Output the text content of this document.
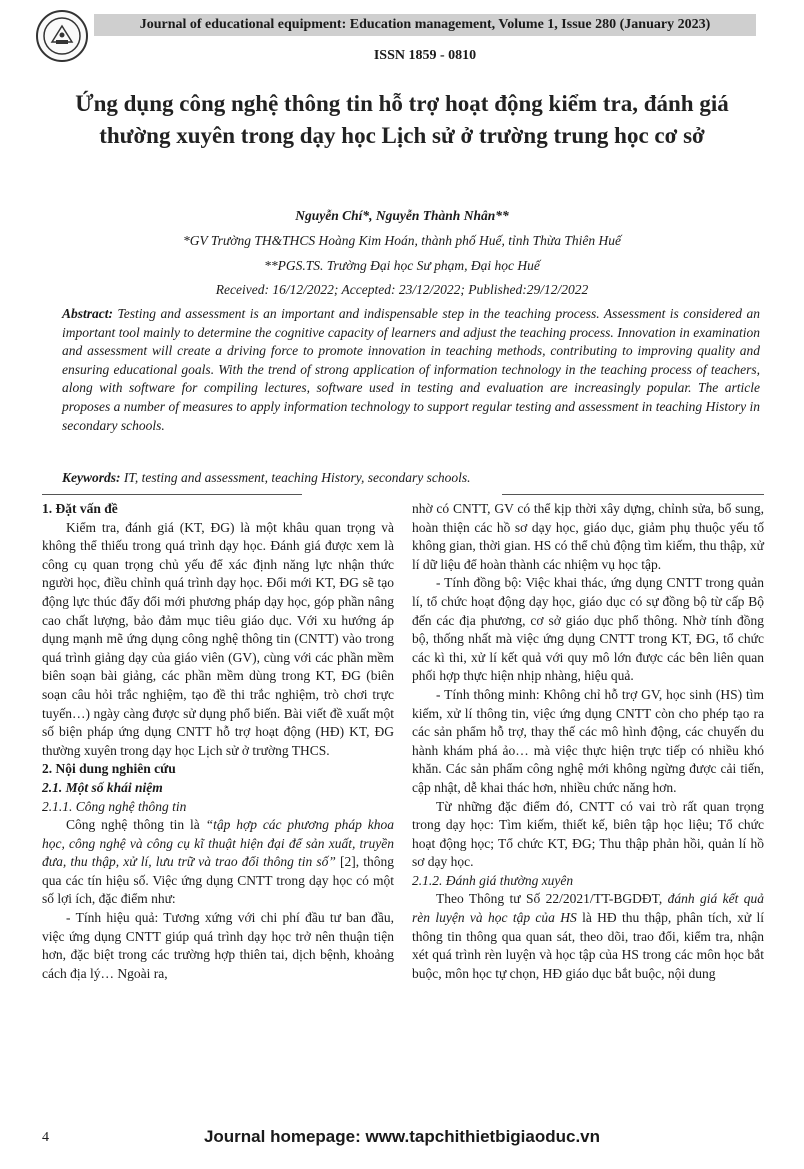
Journal of educational equipment: Education management, Volume 1, Issue 280 (January 2023)
ISSN 1859 - 0810
Ứng dụng công nghệ thông tin hỗ trợ hoạt động kiểm tra, đánh giá thường xuyên trong dạy học Lịch sử ở trường trung học cơ sở
Nguyễn Chí*, Nguyễn Thành Nhân**
*GV Trường TH&THCS Hoàng Kim Hoán, thành phố Huế, tỉnh Thừa Thiên Huế
**PGS.TS. Trường Đại học Sư phạm, Đại học Huế
Received: 16/12/2022; Accepted: 23/12/2022; Published:29/12/2022
Abstract: Testing and assessment is an important and indispensable step in the teaching process. Assessment is considered an important tool mainly to determine the cognitive capacity of learners and adjust the teaching process. Innovation in examination and assessment will create a driving force to promote innovation in teaching methods, contributing to improving quality and ensuring educational goals. With the trend of strong application of information technology in the teaching process of teachers, along with software for compiling lectures, software used in testing and evaluation are increasingly popular. The article proposes a number of measures to apply information technology to support regular testing and assessment in teaching History in secondary schools.
Keywords: IT, testing and assessment, teaching History, secondary schools.

1. Đặt vấn đề

Kiểm tra, đánh giá (KT, ĐG) là một khâu quan trọng và không thể thiếu trong quá trình dạy học. Đánh giá được xem là công cụ quan trọng chủ yếu để xác định năng lực nhận thức người học, điều chỉnh quá trình dạy học. Đổi mới KT, ĐG sẽ tạo động lực thúc đẩy đổi mới phương pháp dạy học, góp phần nâng cao chất lượng, bảo đảm mục tiêu giáo dục. Với xu hướng áp dụng mạnh mẽ ứng dụng công nghệ thông tin (CNTT) vào trong quá trình giảng dạy của giáo viên (GV), cùng với các phần mềm biên soạn bài giảng, các phần mềm dùng trong KT, ĐG (biên soạn câu hỏi trắc nghiệm, tạo đề thi trắc nghiệm, trò chơi trực tuyến…) ngày càng được sử dụng phổ biến. Bài viết đề xuất một số biện pháp ứng dụng CNTT hỗ trợ hoạt động (HĐ) KT, ĐG thường xuyên trong dạy học Lịch sử ở trường THCS.

2. Nội dung nghiên cứu

2.1. Một số khái niệm

2.1.1. Công nghệ thông tin

Công nghệ thông tin là “tập hợp các phương pháp khoa học, công nghệ và công cụ kĩ thuật hiện đại để sản xuất, truyền đưa, thu thập, xử lí, lưu trữ và trao đổi thông tin số” [2], thông qua các tín hiệu số. Việc ứng dụng CNTT trong dạy học có một số lợi ích, đặc điểm như:

- Tính hiệu quả: Tương xứng với chi phí đầu tư ban đầu, việc ứng dụng CNTT giúp quá trình dạy học trở nên thuận tiện hơn, đặc biệt trong các trường hợp thiên tai, dịch bệnh, khoảng cách địa lý… Ngoài ra,

nhờ có CNTT, GV có thể kịp thời xây dựng, chỉnh sửa, bổ sung, hoàn thiện các hồ sơ dạy học, giáo dục, giảm phụ thuộc yếu tố không gian, thời gian. HS có thể chủ động tìm kiếm, thu thập, xử lí dữ liệu để hoàn thành các nhiệm vụ học tập.

- Tính đồng bộ: Việc khai thác, ứng dụng CNTT trong quản lí, tổ chức hoạt động dạy học, giáo dục có sự đồng bộ từ cấp Bộ đến các địa phương, cơ sở giáo dục phổ thông. Nhờ tính đồng bộ, thống nhất mà việc ứng dụng CNTT trong KT, ĐG, tổ chức các kì thi, xử lí kết quả với quy mô lớn được các bên liên quan phối hợp thực hiện nhịp nhàng, hiệu quả.

- Tính thông minh: Không chỉ hỗ trợ GV, học sinh (HS) tìm kiếm, xử lí thông tin, việc ứng dụng CNTT còn cho phép tạo ra các sản phẩm hỗ trợ, thay thế các mô hình động, các chuyến du hành khám phá ảo… mà việc thực hiện trực tiếp có nhiều khó khăn. Các sản phẩm công nghệ mới không ngừng được cải tiến, cập nhật, dễ khai thác hơn, nhiều chức năng hơn.

Từ những đặc điểm đó, CNTT có vai trò rất quan trọng trong dạy học: Tìm kiếm, thiết kế, biên tập học liệu; Tổ chức hoạt động học; Tổ chức KT, ĐG; Thu thập phản hồi, quản lí hồ sơ dạy học.

2.1.2. Đánh giá thường xuyên

Theo Thông tư Số 22/2021/TT-BGDĐT, đánh giá kết quả rèn luyện và học tập của HS là HĐ thu thập, phân tích, xử lí thông tin thông qua quan sát, theo dõi, trao đổi, kiểm tra, nhận xét quá trình rèn luyện và học tập của HS trong các môn học bắt buộc, môn học tự chọn, HĐ giáo dục bắt buộc, nội dung

4	Journal homepage: www.tapchithietbigiaoduc.vn
